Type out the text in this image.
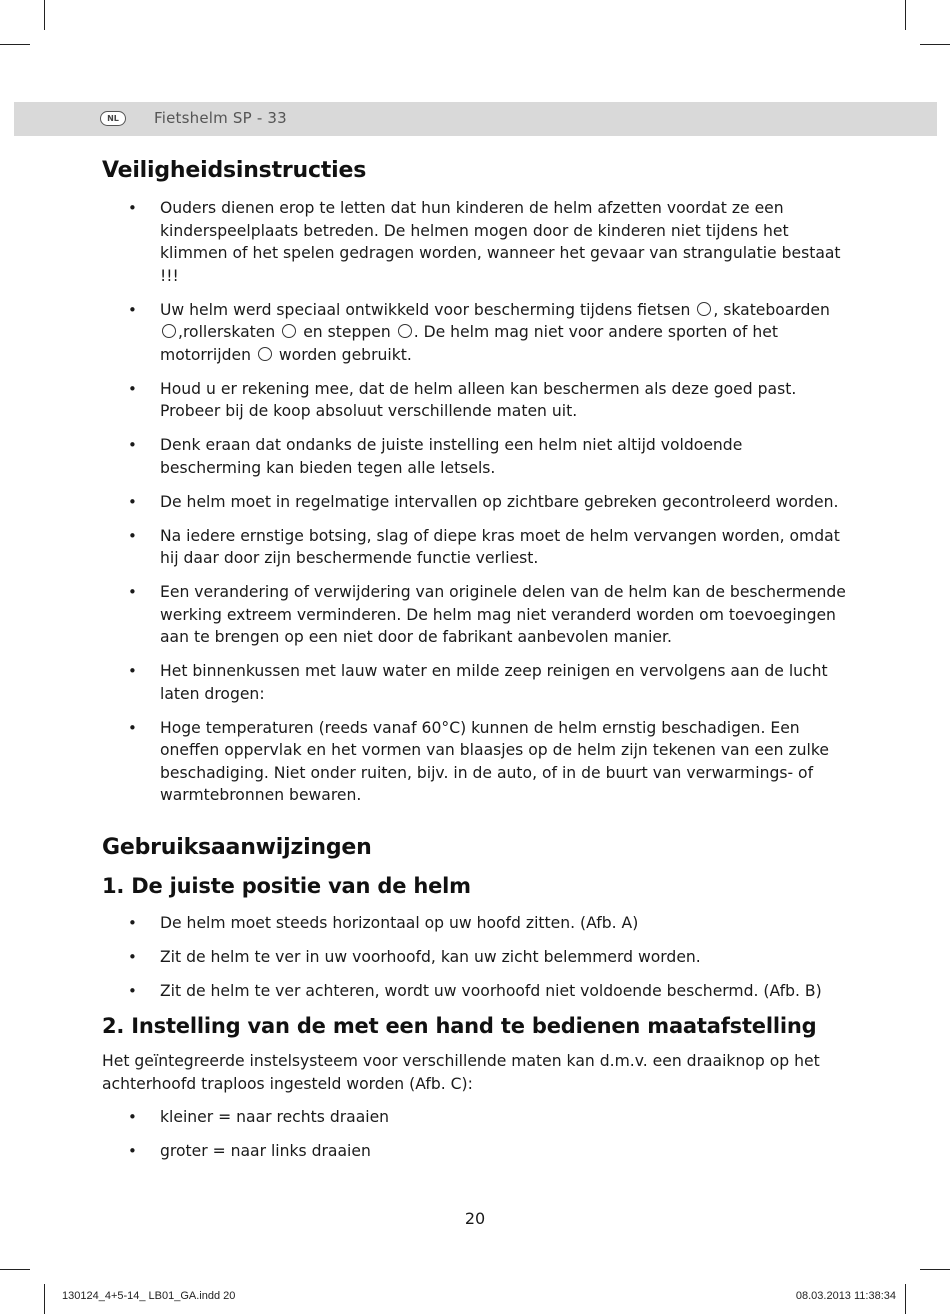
NL	Fietshelm SP - 33
Veiligheidsinstructies
• Ouders dienen erop te letten dat hun kinderen de helm afzetten voordat ze een kinderspeelplaats betreden. De helmen mogen door de kinderen niet tijdens het klimmen of het spelen gedragen worden, wanneer het gevaar van strangulatie bestaat !!!
• Uw helm werd speciaal ontwikkeld voor bescherming tijdens fietsen , skateboarden ,rollerskaten  en steppen . De helm mag niet voor andere sporten of het motorrijden  worden gebruikt.
• Houd u er rekening mee, dat de helm alleen kan beschermen als deze goed past. Probeer bij de koop absoluut verschillende maten uit.
• Denk eraan dat ondanks de juiste instelling een helm niet altijd voldoende bescherming kan bieden tegen alle letsels.
• De helm moet in regelmatige intervallen op zichtbare gebreken gecontroleerd worden.
• Na iedere ernstige botsing, slag of diepe kras moet de helm vervangen worden, omdat hij daar door zijn beschermende functie verliest.
• Een verandering of verwijdering van originele delen van de helm kan de beschermende werking extreem verminderen. De helm mag niet veranderd worden om toevoegingen aan te brengen op een niet door de fabrikant aanbevolen manier.
• Het binnenkussen met lauw water en milde zeep reinigen en vervolgens aan de lucht laten drogen:
• Hoge temperaturen (reeds vanaf 60°C) kunnen de helm ernstig beschadigen. Een oneffen oppervlak en het vormen van blaasjes op de helm zijn tekenen van een zulke beschadiging. Niet onder ruiten, bijv. in de auto, of in de buurt van verwarmings- of warmtebronnen bewaren.
Gebruiksaanwijzingen
1. De juiste positie van de helm
• De helm moet steeds horizontaal op uw hoofd zitten. (Afb. A)
• Zit de helm te ver in uw voorhoofd, kan uw zicht belemmerd worden.
• Zit de helm te ver achteren, wordt uw voorhoofd niet voldoende beschermd. (Afb. B)
2. Instelling van de met een hand te bedienen maatafstelling

Het geïntegreerde instelsysteem voor verschillende maten kan d.m.v. een draaiknop op het achterhoofd traploos ingesteld worden (Afb. C):

• kleiner = naar rechts draaien
• groter = naar links draaien
20
130124_4+5-14_ LB01_GA.indd 20	08.03.2013 11:38:34
